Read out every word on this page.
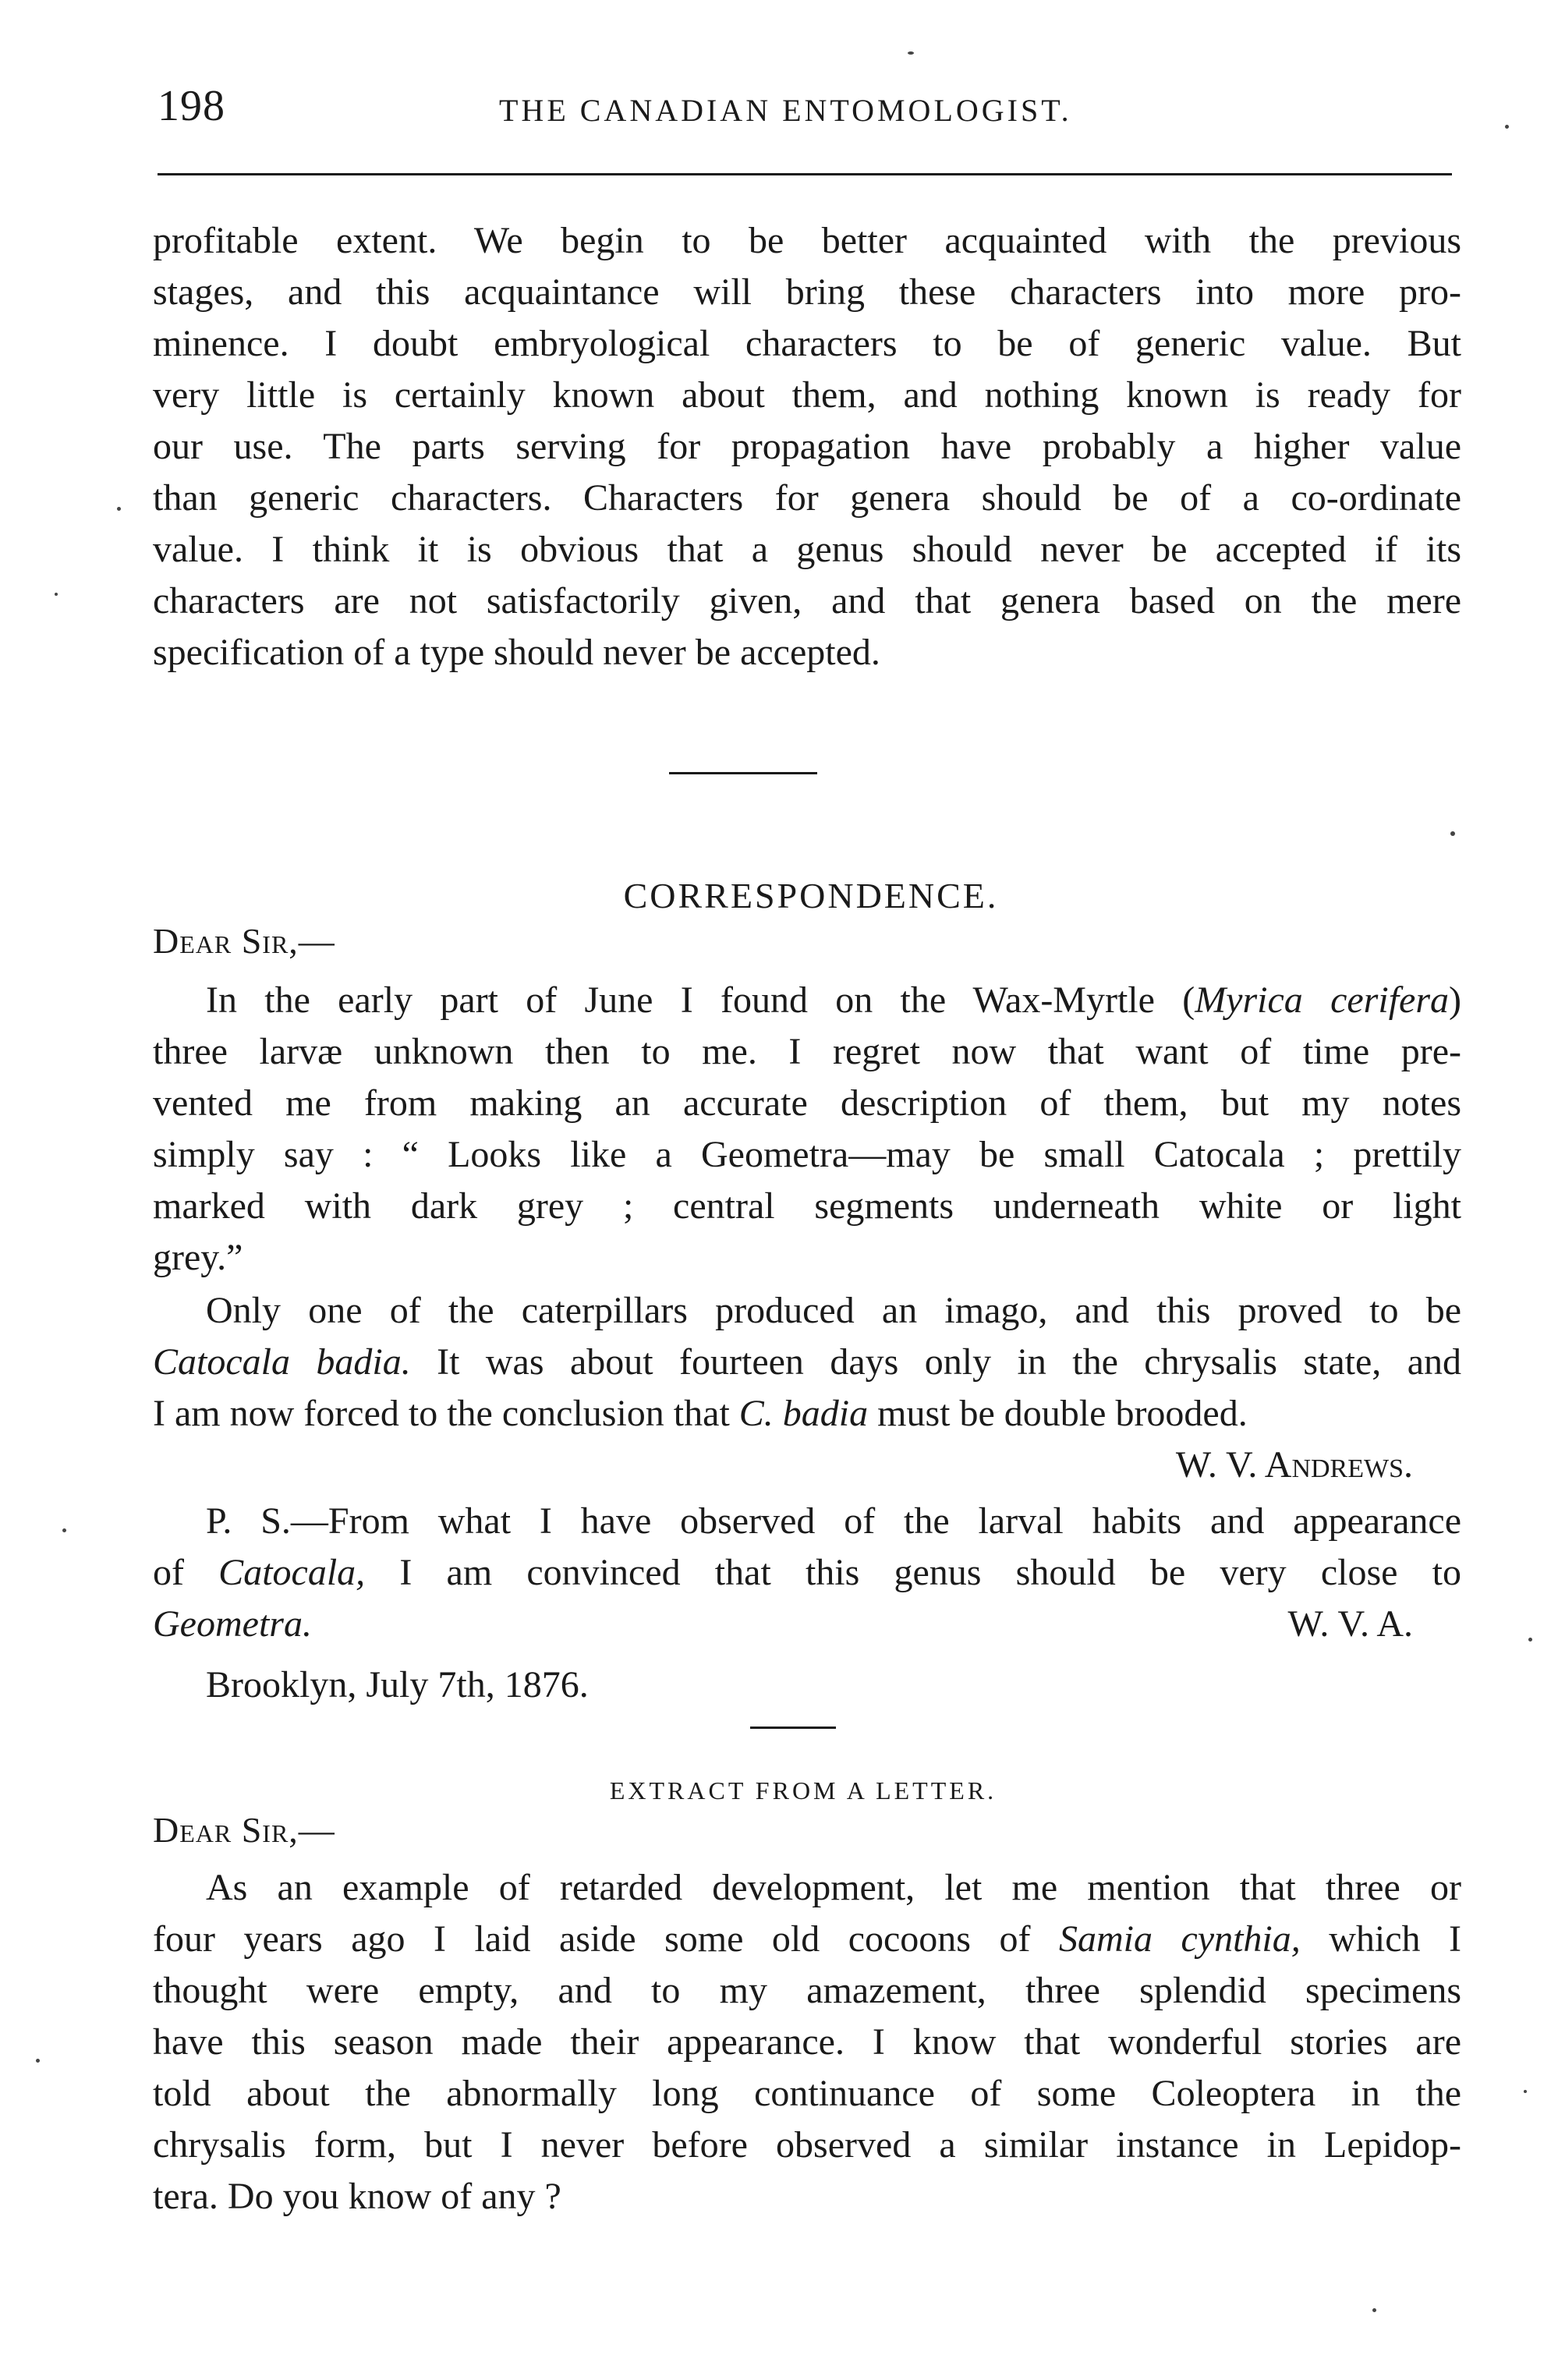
198	THE CANADIAN ENTOMOLOGIST.
profitable extent. We begin to be better acquainted with the previous
stages, and this acquaintance will bring these characters into more pro-
minence. I doubt embryological characters to be of generic value. But
very little is certainly known about them, and nothing known is ready for
our use. The parts serving for propagation have probably a higher value
than generic characters. Characters for genera should be of a co-ordinate
value. I think it is obvious that a genus should never be accepted if its
characters are not satisfactorily given, and that genera based on the mere
specification of a type should never be accepted.
CORRESPONDENCE.
Dear Sir,—
In the early part of June I found on the Wax-Myrtle (Myrica cerifera)
three larvæ unknown then to me. I regret now that want of time pre-
vented me from making an accurate description of them, but my notes
simply say : “ Looks like a Geometra—may be small Catocala ; prettily
marked with dark grey ; central segments underneath white or light
grey.”
Only one of the caterpillars produced an imago, and this proved to be
Catocala badia. It was about fourteen days only in the chrysalis state, and
I am now forced to the conclusion that C. badia must be double brooded.
W. V. Andrews.
P. S.—From what I have observed of the larval habits and appearance
of Catocala, I am convinced that this genus should be very close to
Geometra.	W. V. A.
Brooklyn, July 7th, 1876.
EXTRACT FROM A LETTER.
Dear Sir,—
As an example of retarded development, let me mention that three or
four years ago I laid aside some old cocoons of Samia cynthia, which I
thought were empty, and to my amazement, three splendid specimens
have this season made their appearance. I know that wonderful stories are
told about the abnormally long continuance of some Coleoptera in the
chrysalis form, but I never before observed a similar instance in Lepidop-
tera. Do you know of any ?
